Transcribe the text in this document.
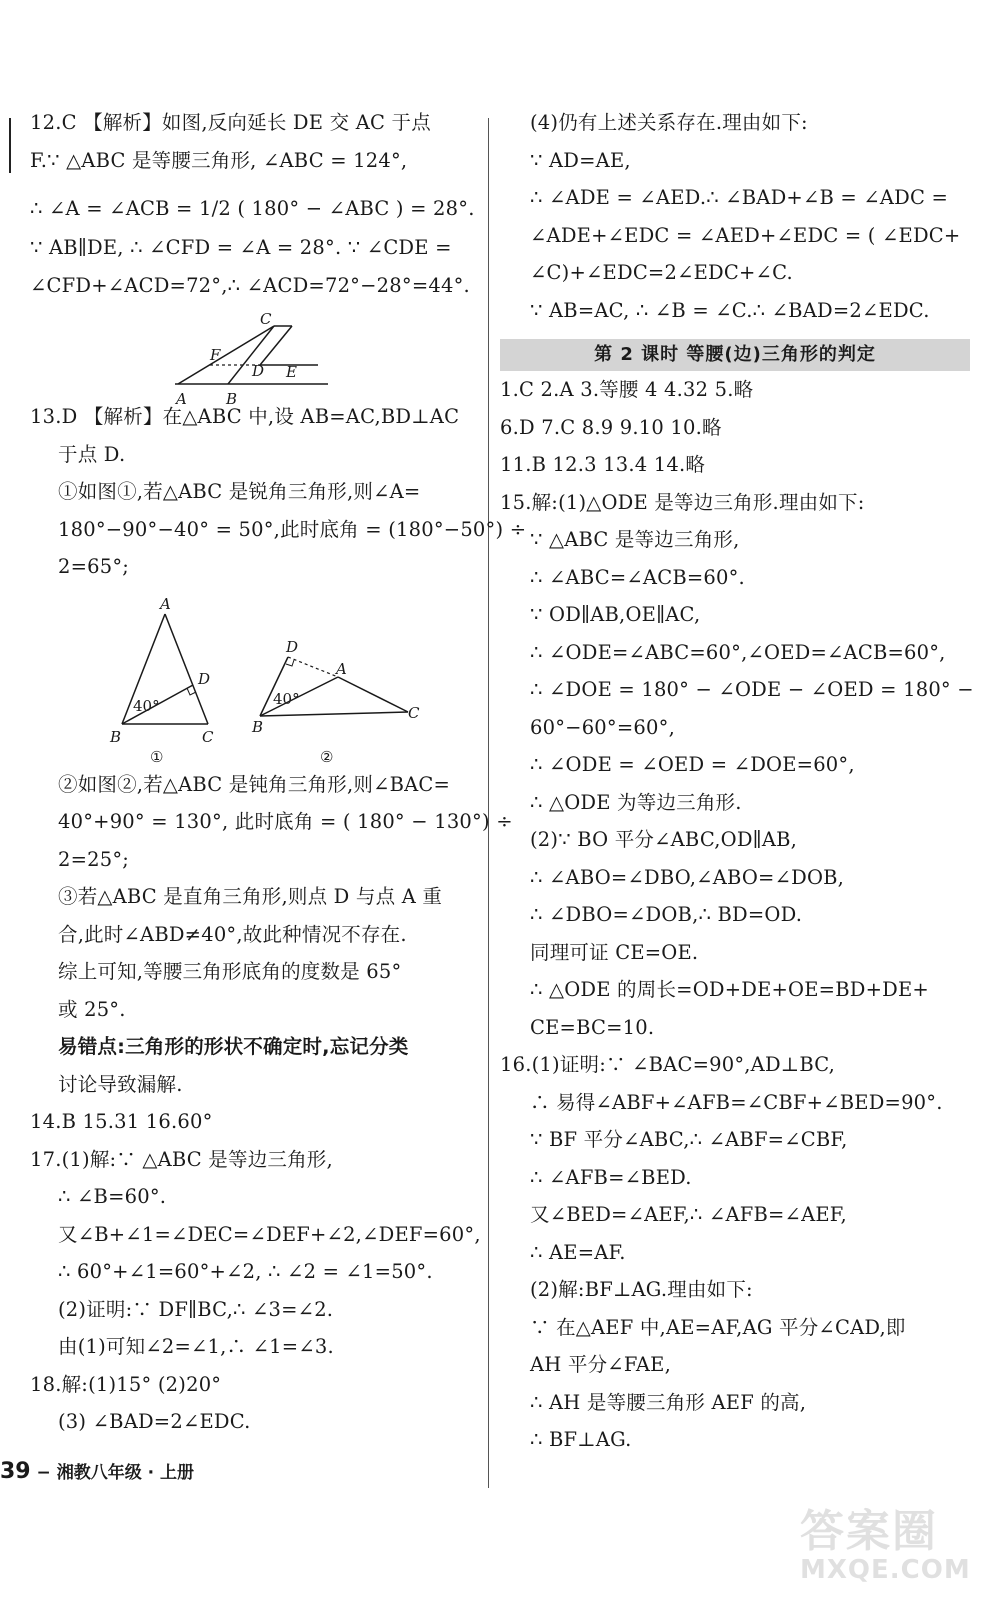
12.C 【解析】如图,反向延长 DE 交 AC 于点
F.∵ △ABC 是等腰三角形, ∠ABC = 124°,
∴ ∠A = ∠ACB = 1/2 ( 180° − ∠ABC ) = 28°.
∵ AB∥DE, ∴ ∠CFD = ∠A = 28°. ∵ ∠CDE =
∠CFD+∠ACD=72°,∴ ∠ACD=72°−28°=44°.
C
F
D E
A	B
13.D 【解析】在△ABC 中,设 AB=AC,BD⊥AC
于点 D.
①如图①,若△ABC 是锐角三角形,则∠A=
180°−90°−40° = 50°,此时底角 = (180°−50°) ÷
2=65°;
A
D
B	C
40°
①
D
A
B
C
40°
②
②如图②,若△ABC 是钝角三角形,则∠BAC=
40°+90° = 130°, 此时底角 = ( 180° − 130°) ÷
2=25°;
③若△ABC 是直角三角形,则点 D 与点 A 重
合,此时∠ABD≠40°,故此种情况不存在.
综上可知,等腰三角形底角的度数是 65°
或 25°.
易错点:三角形的形状不确定时,忘记分类
讨论导致漏解.
14.B 15.31 16.60°
17.(1)解:∵ △ABC 是等边三角形,
∴ ∠B=60°.
又∠B+∠1=∠DEC=∠DEF+∠2,∠DEF=60°,
∴ 60°+∠1=60°+∠2, ∴ ∠2 = ∠1=50°.
(2)证明:∵ DF∥BC,∴ ∠3=∠2.
由(1)可知∠2=∠1,∴ ∠1=∠3.
18.解:(1)15° (2)20°
(3) ∠BAD=2∠EDC.
(4)仍有上述关系存在.理由如下:
∵ AD=AE,
∴ ∠ADE = ∠AED.∴ ∠BAD+∠B = ∠ADC =
∠ADE+∠EDC = ∠AED+∠EDC = ( ∠EDC+
∠C)+∠EDC=2∠EDC+∠C.
∵ AB=AC, ∴ ∠B = ∠C.∴ ∠BAD=2∠EDC.
第 2 课时 等腰(边)三角形的判定
1.C 2.A 3.等腰 4 4.32 5.略
6.D 7.C 8.9 9.10 10.略
11.B 12.3 13.4 14.略
15.解:(1)△ODE 是等边三角形.理由如下:
∵ △ABC 是等边三角形,
∴ ∠ABC=∠ACB=60°.
∵ OD∥AB,OE∥AC,
∴ ∠ODE=∠ABC=60°,∠OED=∠ACB=60°,
∴ ∠DOE = 180° − ∠ODE − ∠OED = 180° −
60°−60°=60°,
∴ ∠ODE = ∠OED = ∠DOE=60°,
∴ △ODE 为等边三角形.
(2)∵ BO 平分∠ABC,OD∥AB,
∴ ∠ABO=∠DBO,∠ABO=∠DOB,
∴ ∠DBO=∠DOB,∴ BD=OD.
同理可证 CE=OE.
∴ △ODE 的周长=OD+DE+OE=BD+DE+
CE=BC=10.
16.(1)证明:∵ ∠BAC=90°,AD⊥BC,
∴ 易得∠ABF+∠AFB=∠CBF+∠BED=90°.
∵ BF 平分∠ABC,∴ ∠ABF=∠CBF,
∴ ∠AFB=∠BED.
又∠BED=∠AEF,∴ ∠AFB=∠AEF,
∴ AE=AF.
(2)解:BF⊥AG.理由如下:
∵ 在△AEF 中,AE=AF,AG 平分∠CAD,即
AH 平分∠FAE,
∴ AH 是等腰三角形 AEF 的高,
∴ BF⊥AG.
39 − 湘教八年级 · 上册
答案圈
MXQE.COM
